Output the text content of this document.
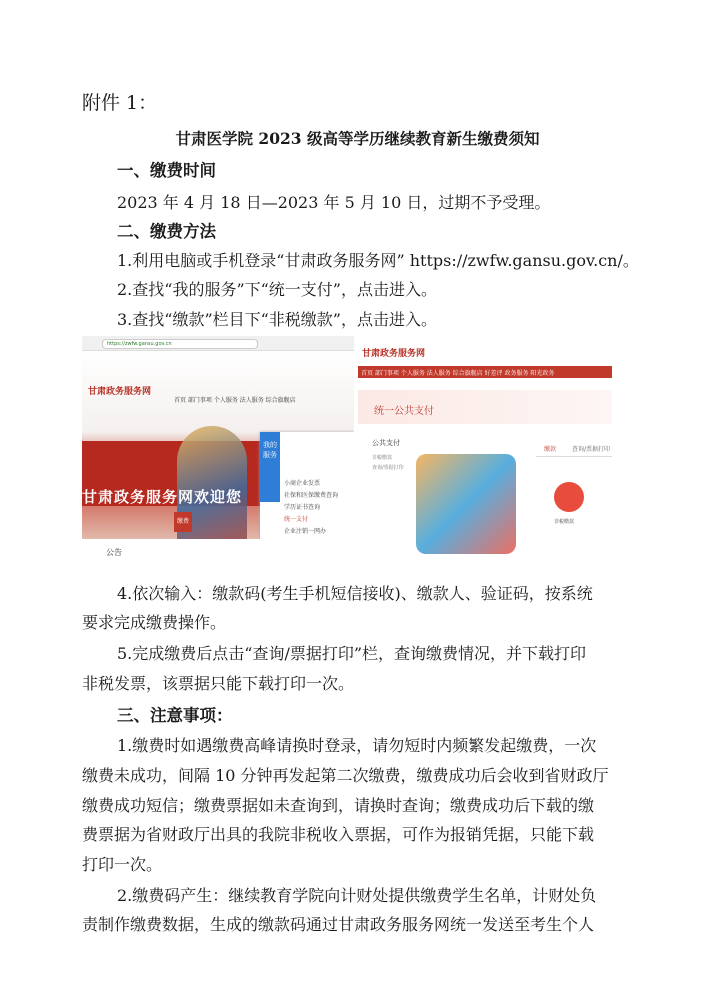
附件 1：
甘肃医学院 2023 级高等学历继续教育新生缴费须知
一、缴费时间
2023 年 4 月 18 日—2023 年 5 月 10 日，过期不予受理。
二、缴费方法
1.利用电脑或手机登录“甘肃政务服务网” https://zwfw.gansu.gov.cn/。
2.查找“我的服务”下“统一支付”，点击进入。
3.查找“缴款”栏目下“非税缴款”，点击进入。
https://zwfw.gansu.gov.cn
甘肃政务服务网
首页 部门事项 个人服务 法人服务 综合旗舰店
甘肃政务服务网欢迎您
缴费
我的服务
小商企业发票
社保和医保缴费查询
学历证书查询
统一支付
企业注销一网办
公告
甘肃政务服务网
首页 部门事项 个人服务 法人服务 综合旗舰店 好差评 政务服务 阳光政务
统一公共支付
公共支付
非税缴款
查询/票据打印
缴款	查询/票据打印
非税缴款
4.依次输入：缴款码(考生手机短信接收)、缴款人、验证码，按系统
要求完成缴费操作。
5.完成缴费后点击“查询/票据打印”栏，查询缴费情况，并下载打印
非税发票，该票据只能下载打印一次。
三、注意事项：
1.缴费时如遇缴费高峰请换时登录，请勿短时内频繁发起缴费，一次
缴费未成功，间隔 10 分钟再发起第二次缴费，缴费成功后会收到省财政厅
缴费成功短信；缴费票据如未查询到，请换时查询；缴费成功后下载的缴
费票据为省财政厅出具的我院非税收入票据，可作为报销凭据，只能下载
打印一次。
2.缴费码产生：继续教育学院向计财处提供缴费学生名单，计财处负
责制作缴费数据，生成的缴款码通过甘肃政务服务网统一发送至考生个人
